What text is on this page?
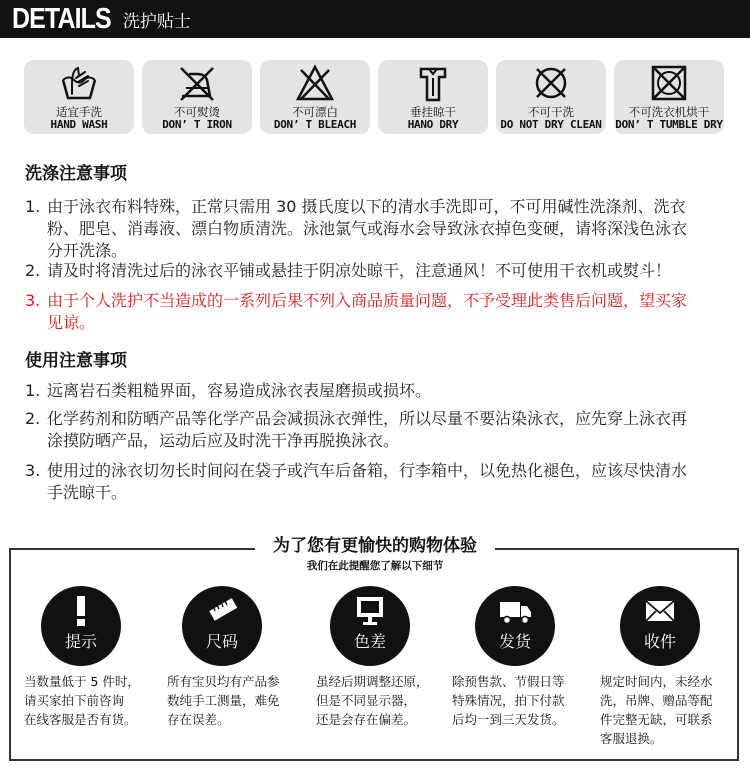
DETAILS 洗护贴士
适宜手洗
HAND WASH
不可熨烫
DON’ T IRON
不可漂白
DON’ T BLEACH
垂挂晾干
HANO DRY
不可干洗
DO NOT DRY CLEAN
不可洗衣机烘干
DON’ T TUMBLE DRY
洗涤注意事项
1. 由于泳衣布料特殊，正常只需用 30 摄氏度以下的清水手洗即可，不可用碱性洗涤剂、洗衣
粉、肥皂、消毒液、漂白物质清洗。泳池氯气或海水会导致泳衣掉色变硬，请将深浅色泳衣
分开洗涤。
2. 请及时将清洗过后的泳衣平铺或悬挂于阴凉处晾干，注意通风！不可使用干衣机或熨斗！
3. 由于个人洗护不当造成的一系列后果不列入商品质量问题，不予受理此类售后问题，望买家
见谅。
使用注意事项
1. 远离岩石类粗糙界面，容易造成泳衣表屋磨损或损坏。
2. 化学药剂和防晒产品等化学产品会减损泳衣弹性，所以尽量不要沾染泳衣，应先穿上泳衣再
涂摸防晒产品，运动后应及时洗干净再脱换泳衣。
3. 使用过的泳衣切勿长时间闷在袋子或汽车后备箱，行李箱中，以免热化褪色，应该尽快清水
手洗晾干。
为了您有更愉快的购物体验
我们在此提醒您了解以下细节
提示
当数量低于 5 件时，
请买家拍下前咨询
在线客服是否有货。
尺码
所有宝贝均有产品参
数纯手工测量，难免
存在误差。
色差
虽经后期调整还原，
但是不同显示器，
还是会存在偏差。
发货
除预售款、节假日等
特殊情况，拍下付款
后均一到三天发货。
收件
规定时间内，未经水
洗，吊牌、赠品等配
件完整无缺，可联系
客服退换。
